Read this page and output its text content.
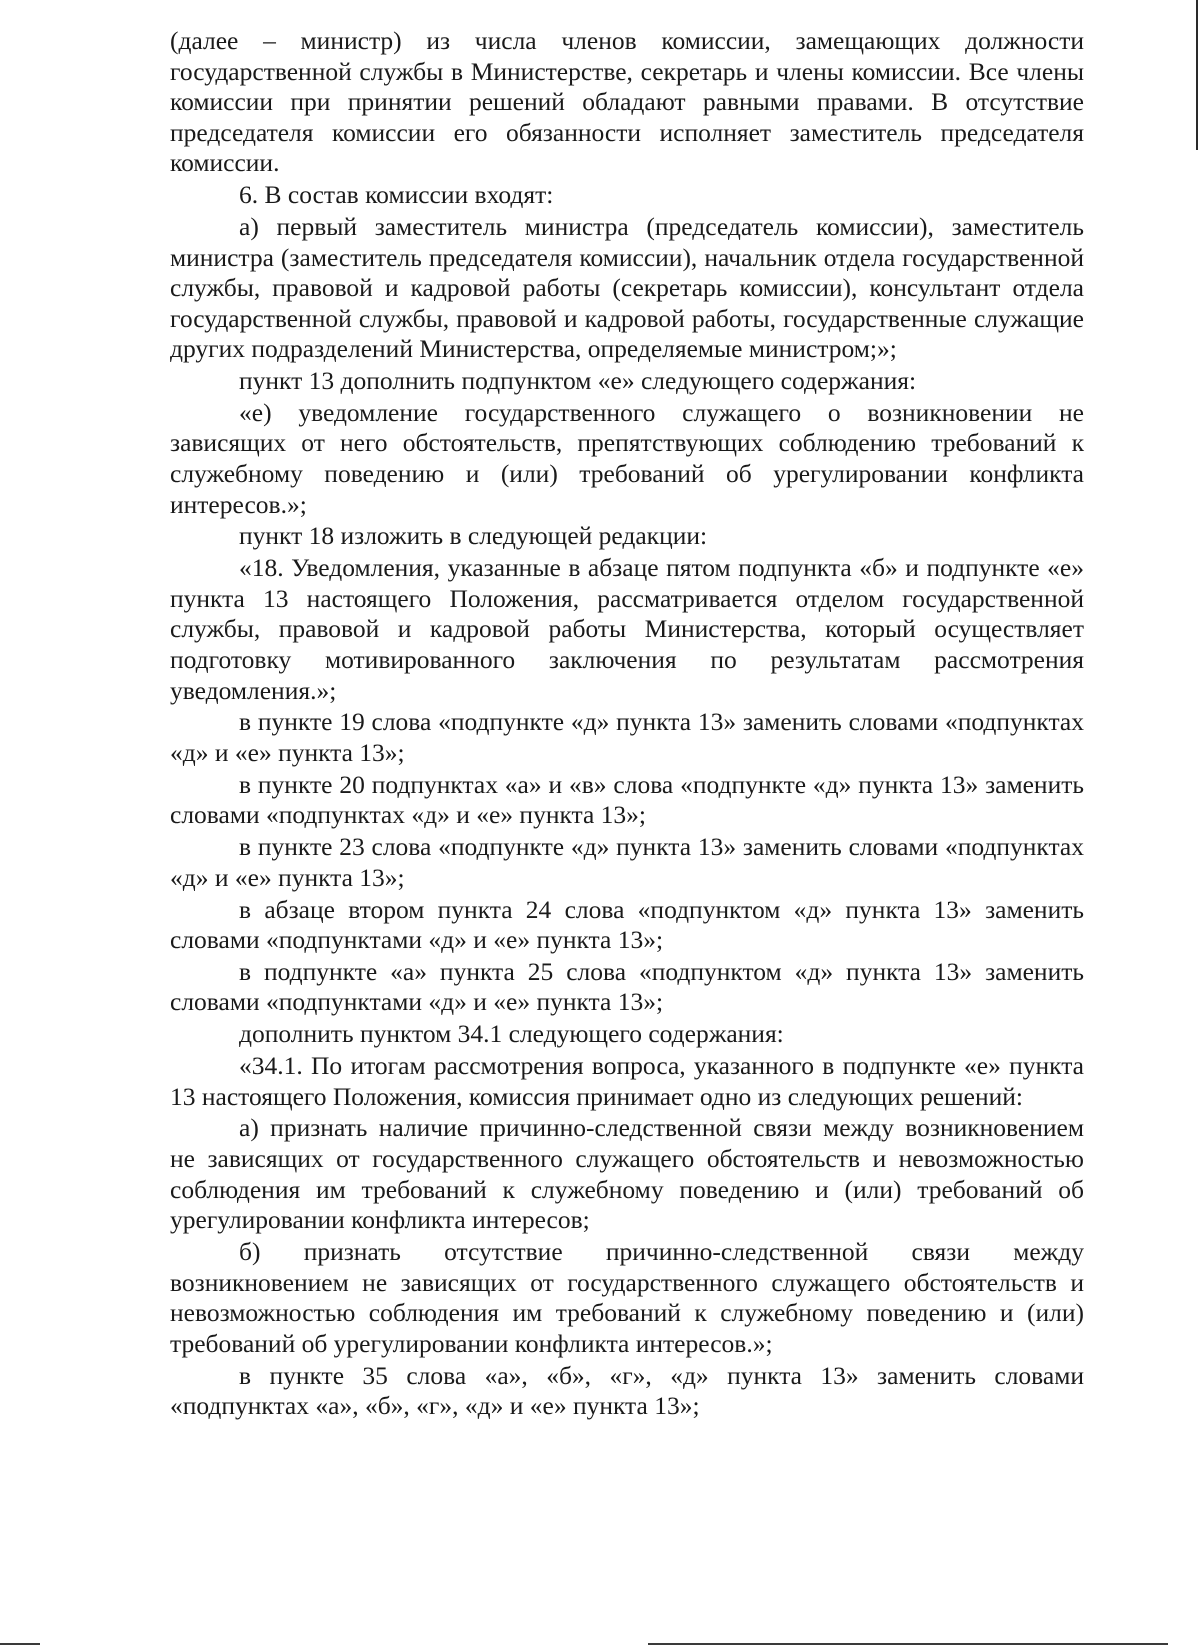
(далее – министр) из числа членов комиссии, замещающих должности государственной службы в Министерстве, секретарь и члены комиссии. Все члены комиссии при принятии решений обладают равными правами. В отсутствие председателя комиссии его обязанности исполняет заместитель председателя комиссии.

6. В состав комиссии входят:

а) первый заместитель министра (председатель комиссии), заместитель министра (заместитель председателя комиссии), начальник отдела государственной службы, правовой и кадровой работы (секретарь комиссии), консультант отдела государственной службы, правовой и кадровой работы, государственные служащие других подразделений Министерства, определяемые министром;»;

пункт 13 дополнить подпунктом «е» следующего содержания:

«е) уведомление государственного служащего о возникновении не зависящих от него обстоятельств, препятствующих соблюдению требований к служебному поведению и (или) требований об урегулировании конфликта интересов.»;

пункт 18 изложить в следующей редакции:

«18. Уведомления, указанные в абзаце пятом подпункта «б» и подпункте «е» пункта 13 настоящего Положения, рассматривается отделом государственной службы, правовой и кадровой работы Министерства, который осуществляет подготовку мотивированного заключения по результатам рассмотрения уведомления.»;

в пункте 19 слова «подпункте «д» пункта 13» заменить словами «подпунктах «д» и «е» пункта 13»;

в пункте 20 подпунктах «а» и «в» слова «подпункте «д» пункта 13» заменить словами «подпунктах «д» и «е» пункта 13»;

в пункте 23 слова «подпункте «д» пункта 13» заменить словами «подпунктах «д» и «е» пункта 13»;

в абзаце втором пункта 24 слова «подпунктом «д» пункта 13» заменить словами «подпунктами «д» и «е» пункта 13»;

в подпункте «а» пункта 25 слова «подпунктом «д» пункта 13» заменить словами «подпунктами «д» и «е» пункта 13»;

дополнить пунктом 34.1 следующего содержания:

«34.1. По итогам рассмотрения вопроса, указанного в подпункте «е» пункта 13 настоящего Положения, комиссия принимает одно из следующих решений:

а) признать наличие причинно-следственной связи между возникновением не зависящих от государственного служащего обстоятельств и невозможностью соблюдения им требований к служебному поведению и (или) требований об урегулировании конфликта интересов;

б) признать отсутствие причинно-следственной связи между возникновением не зависящих от государственного служащего обстоятельств и невозможностью соблюдения им требований к служебному поведению и (или) требований об урегулировании конфликта интересов.»;

в пункте 35 слова «а», «б», «г», «д» пункта 13» заменить словами «подпунктах «а», «б», «г», «д» и «е» пункта 13»;
